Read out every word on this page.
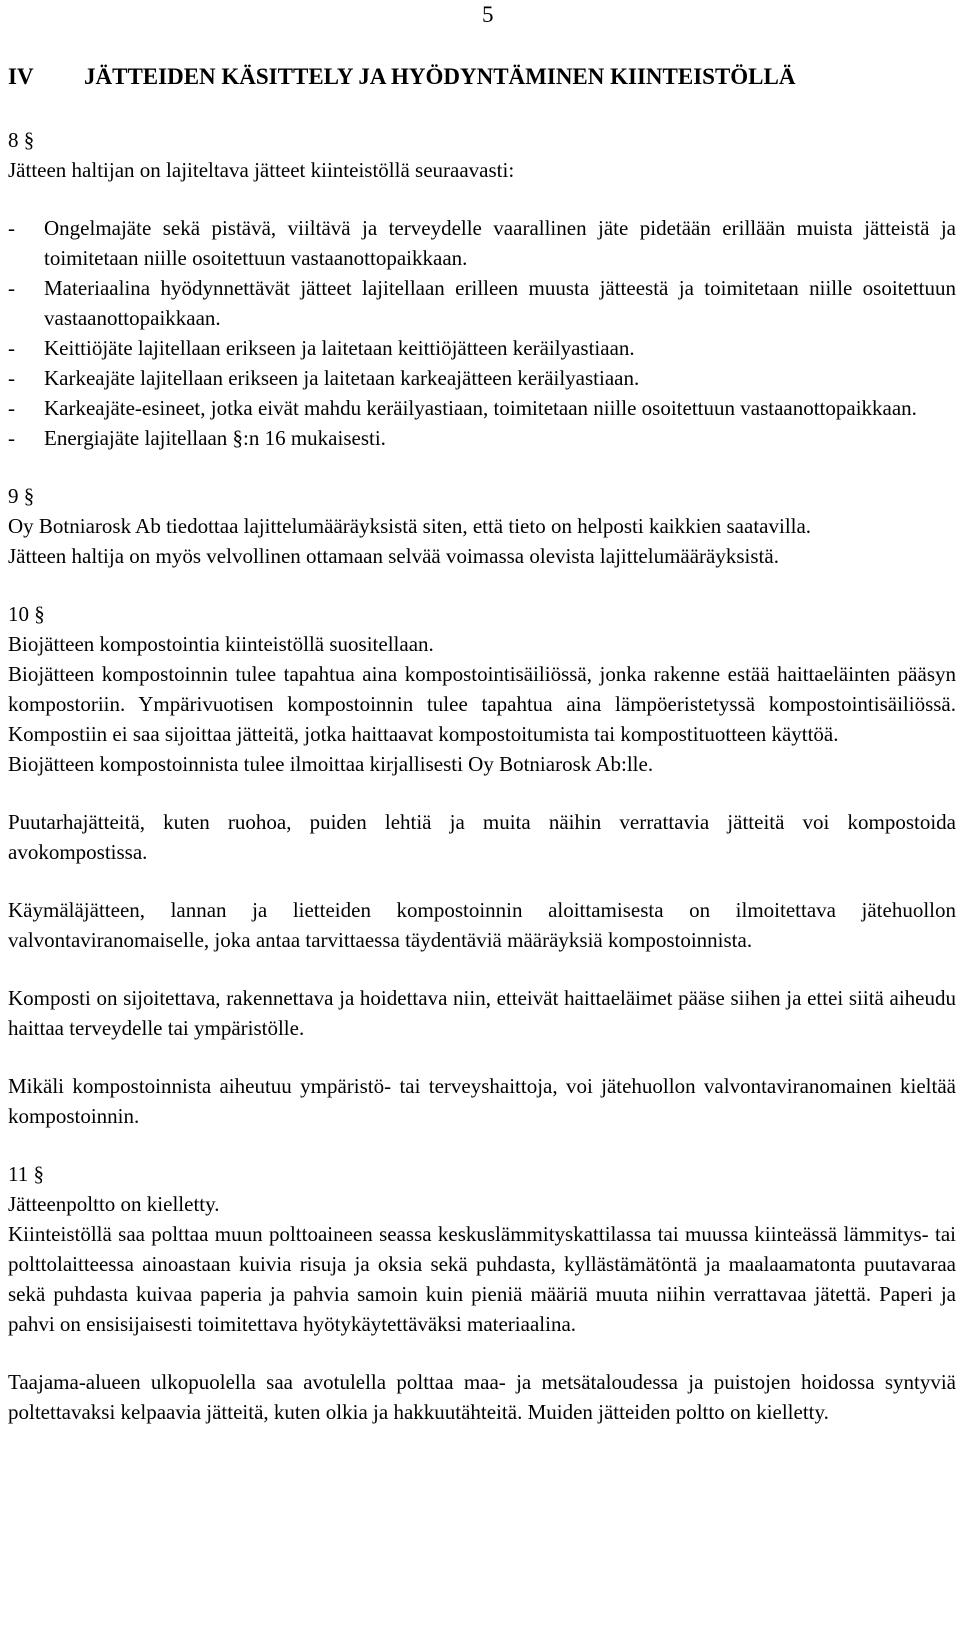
5
IV JÄTTEIDEN KÄSITTELY JA HYÖDYNTÄMINEN KIINTEISTÖLLÄ
8 §

Jätteen haltijan on lajiteltava jätteet kiinteistöllä seuraavasti:

- Ongelmajäte sekä pistävä, viiltävä ja terveydelle vaarallinen jäte pidetään erillään muista jätteistä ja toimitetaan niille osoitettuun vastaanottopaikkaan.
- Materiaalina hyödynnettävät jätteet lajitellaan erilleen muusta jätteestä ja toimitetaan niille osoitettuun vastaanottopaikkaan.
- Keittiöjäte lajitellaan erikseen ja laitetaan keittiöjätteen keräilyastiaan.
- Karkeajäte lajitellaan erikseen ja laitetaan karkeajätteen keräilyastiaan.
- Karkeajäte-esineet, jotka eivät mahdu keräilyastiaan, toimitetaan niille osoitettuun vastaanottopaikkaan.
- Energiajäte lajitellaan §:n 16 mukaisesti.
9 §

Oy Botniarosk Ab tiedottaa lajittelumääräyksistä siten, että tieto on helposti kaikkien saatavilla.

Jätteen haltija on myös velvollinen ottamaan selvää voimassa olevista lajittelumääräyksistä.

10 §

Biojätteen kompostointia kiinteistöllä suositellaan.

Biojätteen kompostoinnin tulee tapahtua aina kompostointisäiliössä, jonka rakenne estää haittaeläinten pääsyn kompostoriin. Ympärivuotisen kompostoinnin tulee tapahtua aina lämpöeristetyssä kompostointisäiliössä. Kompostiin ei saa sijoittaa jätteitä, jotka haittaavat kompostoitumista tai kompostituotteen käyttöä.

Biojätteen kompostoinnista tulee ilmoittaa kirjallisesti Oy Botniarosk Ab:lle.

Puutarhajätteitä, kuten ruohoa, puiden lehtiä ja muita näihin verrattavia jätteitä voi kompostoida avokompostissa.

Käymäläjätteen, lannan ja lietteiden kompostoinnin aloittamisesta on ilmoitettava jätehuollon valvontaviranomaiselle, joka antaa tarvittaessa täydentäviä määräyksiä kompostoinnista.

Komposti on sijoitettava, rakennettava ja hoidettava niin, etteivät haittaeläimet pääse siihen ja ettei siitä aiheudu haittaa terveydelle tai ympäristölle.

Mikäli kompostoinnista aiheutuu ympäristö- tai terveyshaittoja, voi jätehuollon valvontaviranomainen kieltää kompostoinnin.

11 §

Jätteenpoltto on kielletty.

Kiinteistöllä saa polttaa muun polttoaineen seassa keskuslämmityskattilassa tai muussa kiinteässä lämmitys- tai polttolaitteessa ainoastaan kuivia risuja ja oksia sekä puhdasta, kyllästämätöntä ja maalaamatonta puutavaraa sekä puhdasta kuivaa paperia ja pahvia samoin kuin pieniä määriä muuta niihin verrattavaa jätettä. Paperi ja pahvi on ensisijaisesti toimitettava hyötykäytettäväksi materiaalina.

Taajama-alueen ulkopuolella saa avotulella polttaa maa- ja metsätaloudessa ja puistojen hoidossa syntyviä poltettavaksi kelpaavia jätteitä, kuten olkia ja hakkuutähteitä. Muiden jätteiden poltto on kielletty.
